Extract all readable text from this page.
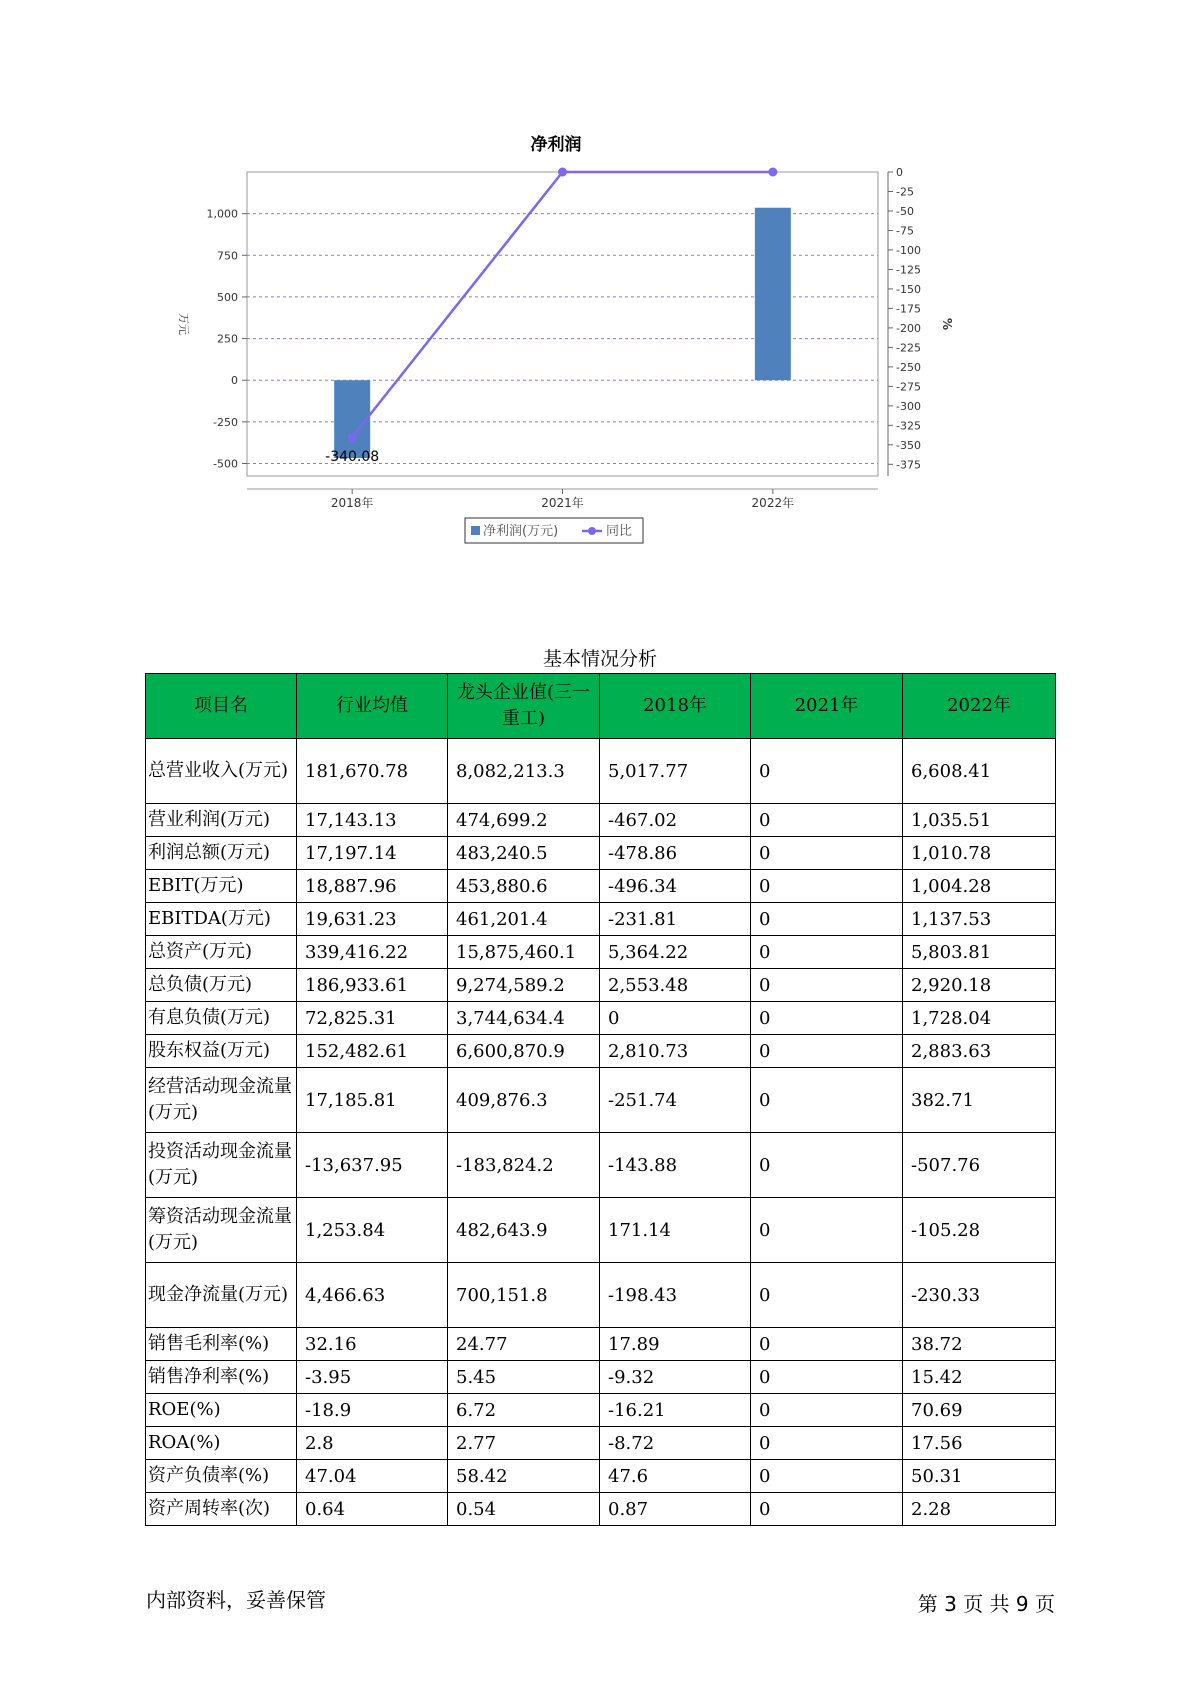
净利润
-500
-250
0
250
500
750
1,000
万元
0
-25
-50
-75
-100
-125
-150
-175
-200
-225
-250
-275
-300
-325
-350
-375
%
2018年	2021年	2022年
-340.08
净利润(万元)	同比
基本情况分析
项目名	行业均值	龙头企业值(三一重工)	2018年	2021年	2022年
总营业收入(万元)	181,670.78	8,082,213.3	5,017.77	0	6,608.41
营业利润(万元)	17,143.13	474,699.2	-467.02	0	1,035.51
利润总额(万元)	17,197.14	483,240.5	-478.86	0	1,010.78
EBIT(万元)	18,887.96	453,880.6	-496.34	0	1,004.28
EBITDA(万元)	19,631.23	461,201.4	-231.81	0	1,137.53
总资产(万元)	339,416.22	15,875,460.1	5,364.22	0	5,803.81
总负债(万元)	186,933.61	9,274,589.2	2,553.48	0	2,920.18
有息负债(万元)	72,825.31	3,744,634.4	0	0	1,728.04
股东权益(万元)	152,482.61	6,600,870.9	2,810.73	0	2,883.63
经营活动现金流量(万元)	17,185.81	409,876.3	-251.74	0	382.71
投资活动现金流量(万元)	-13,637.95	-183,824.2	-143.88	0	-507.76
筹资活动现金流量(万元)	1,253.84	482,643.9	171.14	0	-105.28
现金净流量(万元)	4,466.63	700,151.8	-198.43	0	-230.33
销售毛利率(%)	32.16	24.77	17.89	0	38.72
销售净利率(%)	-3.95	5.45	-9.32	0	15.42
ROE(%)	-18.9	6.72	-16.21	0	70.69
ROA(%)	2.8	2.77	-8.72	0	17.56
资产负债率(%)	47.04	58.42	47.6	0	50.31
资产周转率(次)	0.64	0.54	0.87	0	2.28
内部资料，妥善保管	第 3 页 共 9 页
